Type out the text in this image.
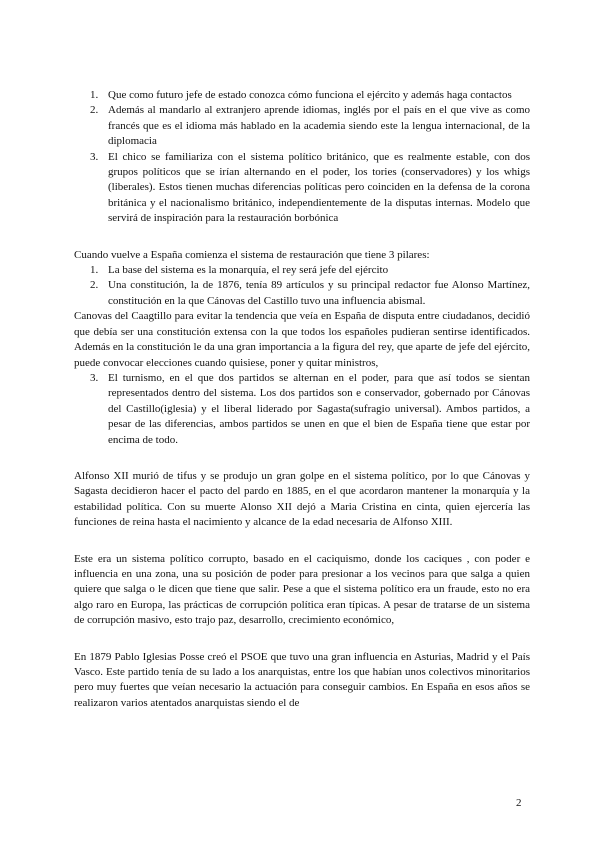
1. Que como futuro jefe de estado conozca cómo funciona el ejército y además haga contactos
2. Además al mandarlo al extranjero aprende idiomas, inglés por el país en el que vive as como francés que es el idioma más hablado en la academia siendo este la lengua internacional, de la diplomacia
3. El chico se familiariza con el sistema político británico, que es realmente estable, con dos grupos políticos que se irían alternando en el poder, los tories (conservadores) y los whigs (liberales). Estos tienen muchas diferencias políticas pero coinciden en la defensa de la corona británica y el nacionalismo británico, independientemente de la disputas internas. Modelo que servirá de inspiración para la restauración borbónica

Cuando vuelve a España comienza el sistema de restauración que tiene 3 pilares:

1. La base del sistema es la monarquía, el rey será jefe del ejército
2. Una constitución, la de 1876, tenía 89 artículos y su principal redactor fue Alonso Martínez, constitución en la que Cánovas del Castillo tuvo una influencia abismal.

Canovas del Caagtillo para evitar la tendencia que veía en España de disputa entre ciudadanos, decidió que debía ser una constitución extensa con la que todos los españoles pudieran sentirse identificados. Además en la constitución le da una gran importancia a la figura del rey, que aparte de jefe del ejército, puede convocar elecciones cuando quisiese, poner y quitar ministros,

3. El turnismo, en el que dos partidos se alternan en el poder, para que así todos se sientan representados dentro del sistema. Los dos partidos son e conservador, gobernado por Cánovas del Castillo(iglesia) y el liberal liderado por Sagasta(sufragio universal). Ambos partidos, a pesar de las diferencias, ambos partidos se unen en que el bien de España tiene que estar por encima de todo.

Alfonso XII murió de tifus y se produjo un gran golpe en el sistema político, por lo que Cánovas y Sagasta decidieron hacer el pacto del pardo en 1885, en el que acordaron mantener la monarquía y la estabilidad política. Con su muerte Alonso XII dejó a Maria Cristina en cinta, quien ejercería las funciones de reina hasta el nacimiento y alcance de la edad necesaria de Alfonso XIII.

Este era un sistema político corrupto, basado en el caciquismo, donde los caciques , con poder e influencia en una zona, una su posición de poder para presionar a los vecinos para que salga a quien quiere que salga o le dicen que tiene que salir. Pese a que el sistema político era un fraude, esto no era algo raro en Europa, las prácticas de corrupción política eran típicas. A pesar de tratarse de un sistema de corrupción masivo, esto trajo paz, desarrollo, crecimiento económico,

En 1879 Pablo Iglesias Posse creó el PSOE que tuvo una gran influencia en Asturias, Madrid y el País Vasco. Este partido tenía de su lado a los anarquistas, entre los que habían unos colectivos minoritarios pero muy fuertes que veían necesario la actuación para conseguir cambios. En España en esos años se realizaron varios atentados anarquistas siendo el de

2
